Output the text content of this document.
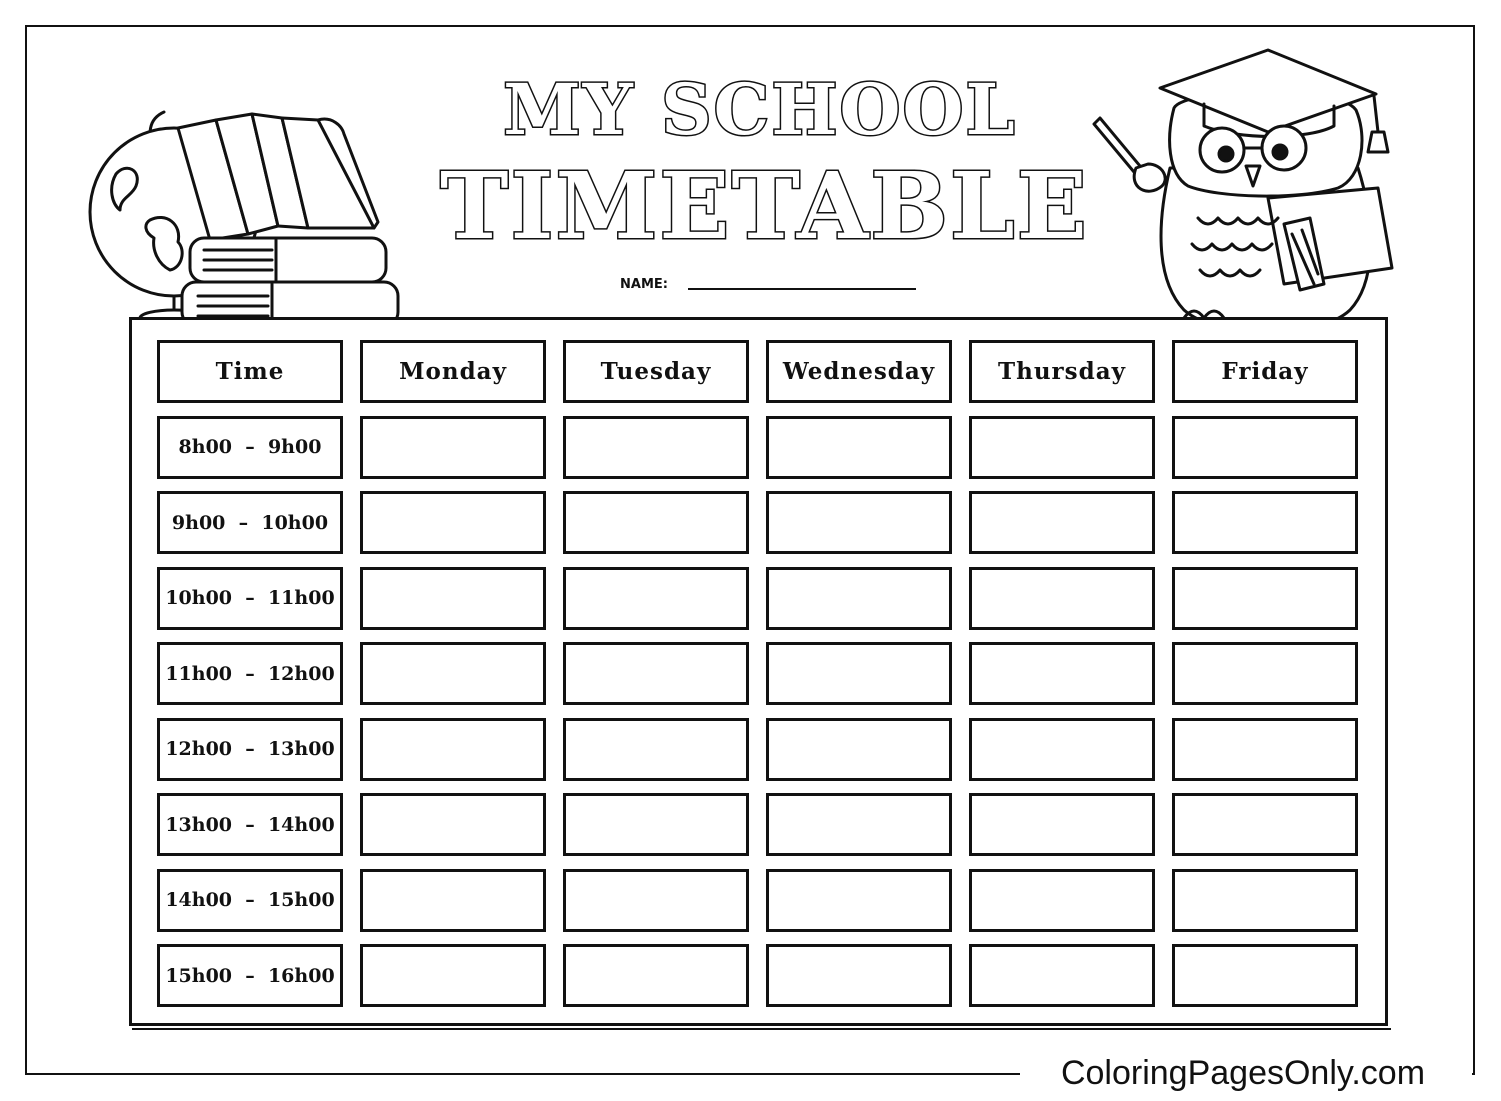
ColoringPagesOnly.com
MY SCHOOL
TIMETABLE
NAME:
Time	Monday	Tuesday	Wednesday	Thursday	Friday
8h00  –  9h00
9h00  –  10h00
10h00  –  11h00
11h00  –  12h00
12h00  –  13h00
13h00  –  14h00
14h00  –  15h00
15h00  –  16h00
